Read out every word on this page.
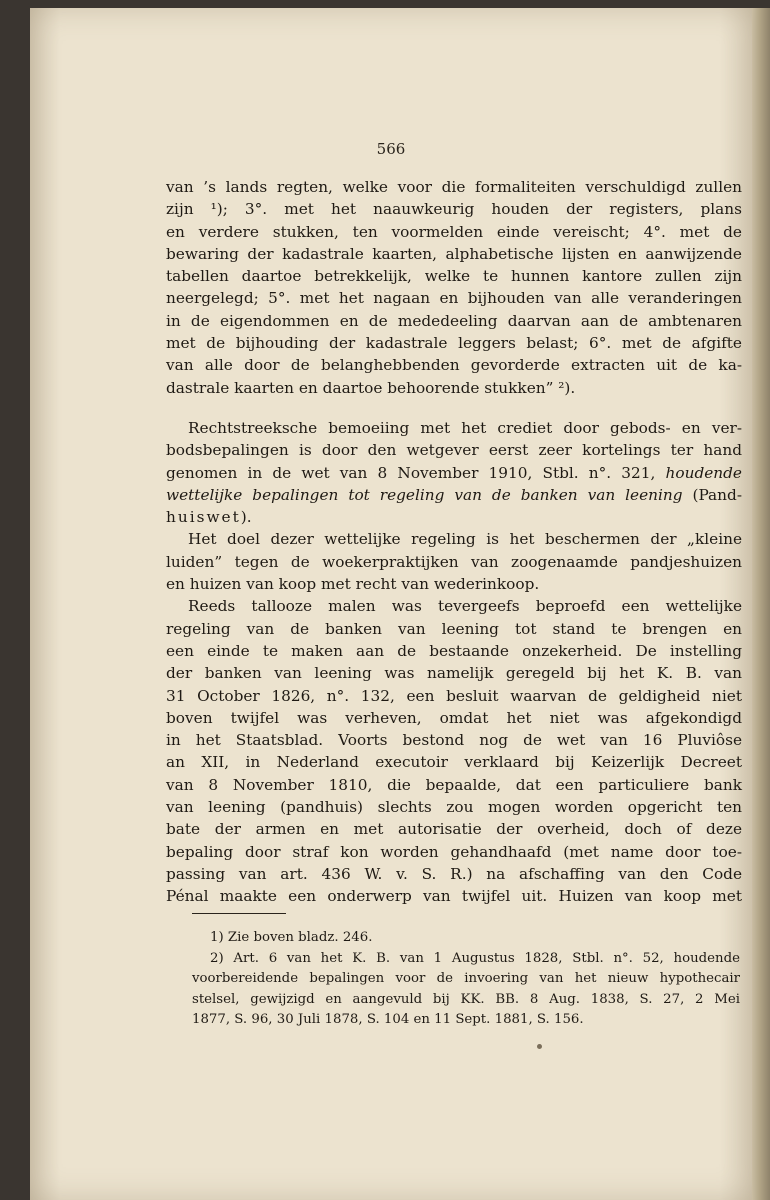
566

van ’s lands regten, welke voor die formaliteiten verschuldigd zullen
zijn ¹); 3°. met het naauwkeurig houden der registers, plans
en verdere stukken, ten voormelden einde vereischt; 4°. met de
bewaring der kadastrale kaarten, alphabetische lijsten en aanwijzende
tabellen daartoe betrekkelijk, welke te hunnen kantore zullen zijn
neergelegd; 5°. met het nagaan en bijhouden van alle veranderingen
in de eigendommen en de mededeeling daarvan aan de ambtenaren
met de bijhouding der kadastrale leggers belast; 6°. met de afgifte
van alle door de belanghebbenden gevorderde extracten uit de ka-
dastrale kaarten en daartoe behoorende stukken” ²).

Rechtstreeksche bemoeiing met het crediet door gebods- en ver-
bodsbepalingen is door den wetgever eerst zeer kortelings ter hand
genomen in de wet van 8 November 1910, Stbl. n°. 321, houdende
wettelijke bepalingen tot regeling van de banken van leening (Pand-
huiswet).

Het doel dezer wettelijke regeling is het beschermen der „kleine
luiden” tegen de woekerpraktijken van zoogenaamde pandjeshuizen
en huizen van koop met recht van wederinkoop.

Reeds tallooze malen was tevergeefs beproefd een wettelijke
regeling van de banken van leening tot stand te brengen en
een einde te maken aan de bestaande onzekerheid. De instelling
der banken van leening was namelijk geregeld bij het K. B. van
31 October 1826, n°. 132, een besluit waarvan de geldigheid niet
boven twijfel was verheven, omdat het niet was afgekondigd
in het Staatsblad. Voorts bestond nog de wet van 16 Pluviôse
an XII, in Nederland executoir verklaard bij Keizerlijk Decreet
van 8 November 1810, die bepaalde, dat een particuliere bank
van leening (pandhuis) slechts zou mogen worden opgericht ten
bate der armen en met autorisatie der overheid, doch of deze
bepaling door straf kon worden gehandhaafd (met name door toe-
passing van art. 436 W. v. S. R.) na afschaffing van den Code
Pénal maakte een onderwerp van twijfel uit. Huizen van koop met

1) Zie boven bladz. 246.
2) Art. 6 van het K. B. van 1 Augustus 1828, Stbl. n°. 52, houdende
voorbereidende bepalingen voor de invoering van het nieuw hypothecair
stelsel, gewijzigd en aangevuld bij KK. BB. 8 Aug. 1838, S. 27, 2 Mei
1877, S. 96, 30 Juli 1878, S. 104 en 11 Sept. 1881, S. 156.
